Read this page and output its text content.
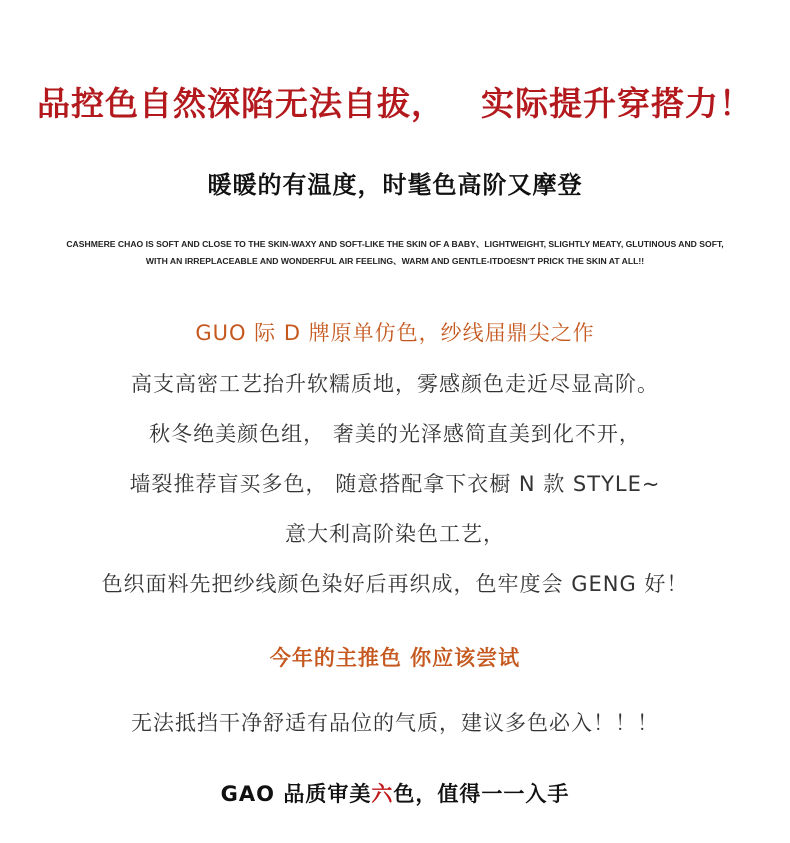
品控色自然深陷无法自拔， 实际提升穿搭力！
暖暖的有温度，时髦色高阶又摩登
CASHMERE CHAO IS SOFT AND CLOSE TO THE SKIN-WAXY AND SOFT-LIKE THE SKIN OF A BABY、LIGHTWEIGHT, SLIGHTLY MEATY, GLUTINOUS AND SOFT,
WITH AN IRREPLACEABLE AND WONDERFUL AIR FEELING、WARM AND GENTLE-ITDOESN'T PRICK THE SKIN AT ALL!!
GUO 际 D 牌原单仿色，纱线届鼎尖之作
高支高密工艺抬升软糯质地，雾感颜色走近尽显高阶。
秋冬绝美颜色组， 奢美的光泽感简直美到化不开，
墙裂推荐盲买多色， 随意搭配拿下衣橱 N 款 STYLE~
意大利高阶染色工艺，
色织面料先把纱线颜色染好后再织成，色牢度会 GENG 好！
今年的主推色 你应该尝试
无法抵挡干净舒适有品位的气质，建议多色必入！！！
GAO 品质审美六色，值得一一入手
